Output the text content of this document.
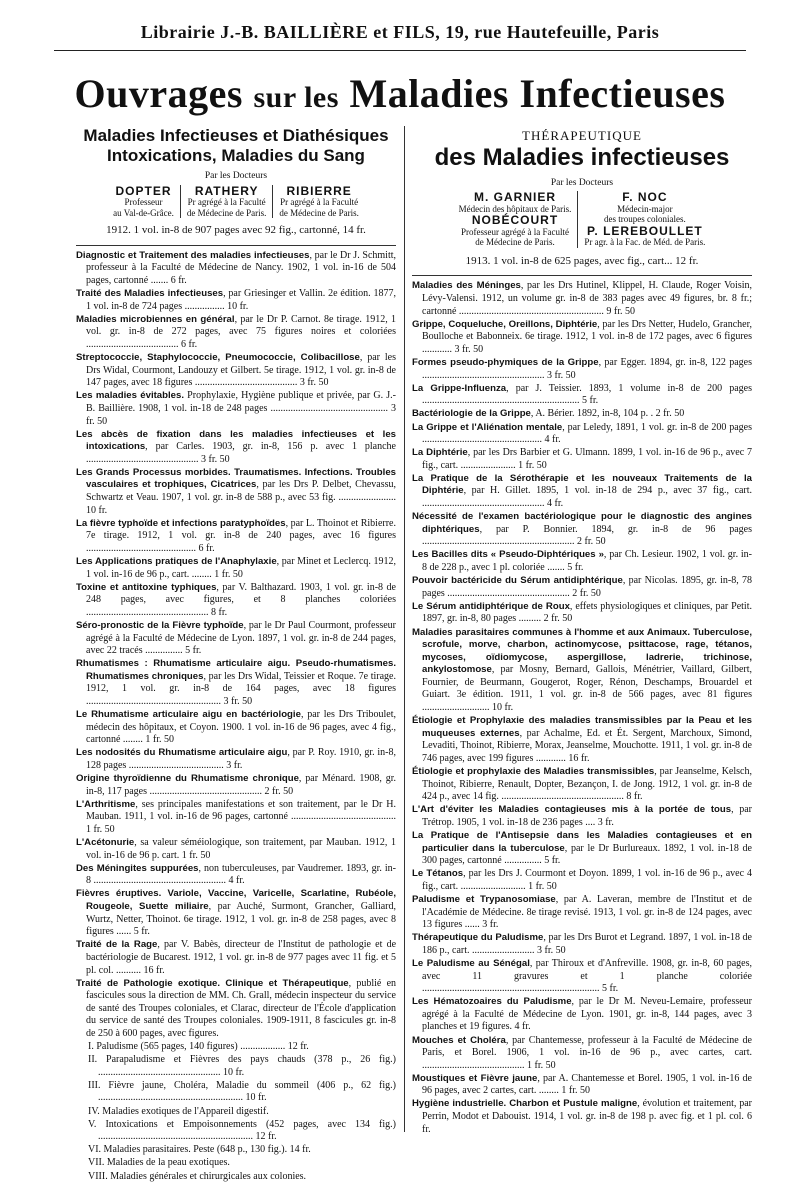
Librairie J.-B. BAILLIÈRE et FILS, 19, rue Hautefeuille, Paris
Ouvrages sur les Maladies Infectieuses
Maladies Infectieuses et Diathésiques
Intoxications, Maladies du Sang
Par les Docteurs
DOPTER
Professeur
au Val-de-Grâce.
RATHERY
Pr agrégé à la Faculté
de Médecine de Paris.
RIBIERRE
Pr agrégé à la Faculté
de Médecine de Paris.
1912. 1 vol. in-8 de 907 pages avec 92 fig., cartonné, 14 fr.
Diagnostic et Traitement des maladies infectieuses, par le Dr J. Schmitt, professeur à la Faculté de Médecine de Nancy. 1902, 1 vol. in-16 de 504 pages, cartonné ....... 6 fr.
Traité des Maladies infectieuses, par Griesinger et Vallin. 2e édition. 1877, 1 vol. in-8 de 724 pages ................ 10 fr.
Maladies microbiennes en général, par le Dr P. Carnot. 8e tirage. 1912, 1 vol. gr. in-8 de 272 pages, avec 75 figures noires et coloriées ..................................... 6 fr.
Streptococcie, Staphylococcie, Pneumococcie, Colibacillose, par les Drs Widal, Courmont, Landouzy et Gilbert. 5e tirage. 1912, 1 vol. gr. in-8 de 147 pages, avec 18 figures ......................................... 3 fr. 50
Les maladies évitables. Prophylaxie, Hygiène publique et privée, par G. J.-B. Baillière. 1908, 1 vol. in-18 de 248 pages ............................................... 3 fr. 50
Les abcès de fixation dans les maladies infectieuses et les intoxications, par Carles. 1903, gr. in-8, 156 p. avec 1 planche ............................................. 3 fr. 50
Les Grands Processus morbides. Traumatismes. Infections. Troubles vasculaires et trophiques, Cicatrices, par les Drs P. Delbet, Chevassu, Schwartz et Veau. 1907, 1 vol. gr. in-8 de 588 p., avec 53 fig. ....................... 10 fr.
La fièvre typhoïde et infections paratyphoïdes, par L. Thoinot et Ribierre. 7e tirage. 1912, 1 vol. gr. in-8 de 240 pages, avec 16 figures ............................................ 6 fr.
Les Applications pratiques de l'Anaphylaxie, par Minet et Leclercq. 1912, 1 vol. in-16 de 96 p., cart. ........ 1 fr. 50
Toxine et antitoxine typhiques, par V. Balthazard. 1903, 1 vol. gr. in-8 de 248 pages, avec figures, et 8 planches coloriées ................................................. 8 fr.
Séro-pronostic de la Fièvre typhoïde, par le Dr Paul Courmont, professeur agrégé à la Faculté de Médecine de Lyon. 1897, 1 vol. gr. in-8 de 244 pages, avec 22 tracés ............... 5 fr.
Rhumatismes : Rhumatisme articulaire aigu. Pseudo-rhumatismes. Rhumatismes chroniques, par les Drs Widal, Teissier et Roque. 7e tirage. 1912, 1 vol. gr. in-8 de 164 pages, avec 18 figures ...................................................... 3 fr. 50
Le Rhumatisme articulaire aigu en bactériologie, par les Drs Triboulet, médecin des hôpitaux, et Coyon. 1900. 1 vol. in-16 de 96 pages, avec 4 fig., cartonné ........ 1 fr. 50
Les nodosités du Rhumatisme articulaire aigu, par P. Roy. 1910, gr. in-8, 128 pages ...................................... 3 fr.
Origine thyroïdienne du Rhumatisme chronique, par Ménard. 1908, gr. in-8, 117 pages ............................................. 2 fr. 50
L'Arthritisme, ses principales manifestations et son traitement, par le Dr H. Mauban. 1911, 1 vol. in-16 de 96 pages, cartonné .......................................... 1 fr. 50
L'Acétonurie, sa valeur séméiologique, son traitement, par Mauban. 1912, 1 vol. in-16 de 96 p. cart. 1 fr. 50
Des Méningites suppurées, non tuberculeuses, par Vaudremer. 1893, gr. in-8 ..................................................... 4 fr.
Fièvres éruptives. Variole, Vaccine, Varicelle, Scarlatine, Rubéole, Rougeole, Suette miliaire, par Auché, Surmont, Grancher, Galliard, Wurtz, Netter, Thoinot. 6e tirage. 1912, 1 vol. gr. in-8 de 258 pages, avec 8 figures ...... 5 fr.
Traité de la Rage, par V. Babès, directeur de l'Institut de pathologie et de bactériologie de Bucarest. 1912, 1 vol. gr. in-8 de 977 pages avec 11 fig. et 5 pl. col. .......... 16 fr.
Traité de Pathologie exotique. Clinique et Thérapeutique, publié en fascicules sous la direction de MM. Ch. Grall, médecin inspecteur du service de santé des Troupes coloniales, et Clarac, directeur de l'École d'application du service de santé des Troupes coloniales. 1909-1911, 8 fascicules gr. in-8 de 250 à 600 pages, avec figures.
I. Paludisme (565 pages, 140 figures) .................. 12 fr.
II. Parapaludisme et Fièvres des pays chauds (378 p., 26 fig.) ................................................. 10 fr.
III. Fièvre jaune, Choléra, Maladie du sommeil (406 p., 62 fig.) .......................................................... 10 fr.
IV. Maladies exotiques de l'Appareil digestif.
V. Intoxications et Empoisonnements (452 pages, avec 134 fig.) .............................................................. 12 fr.
VI. Maladies parasitaires. Peste (648 p., 130 fig.). 14 fr.
VII. Maladies de la peau exotiques.
VIII. Maladies générales et chirurgicales aux colonies.
THÉRAPEUTIQUE
des Maladies infectieuses
Par les Docteurs
M. GARNIER
Médecin des hôpitaux de Paris.
NOBÉCOURT
Professeur agrégé à la Faculté
de Médecine de Paris.
F. NOC
Médecin-major
des troupes coloniales.
P. LEREBOULLET
Pr agr. à la Fac. de Méd. de Paris.
1913. 1 vol. in-8 de 625 pages, avec fig., cart... 12 fr.
Maladies des Méninges, par les Drs Hutinel, Klippel, H. Claude, Roger Voisin, Lévy-Valensi. 1912, un volume gr. in-8 de 383 pages avec 49 figures, br. 8 fr.; cartonné .......................................................... 9 fr. 50
Grippe, Coqueluche, Oreillons, Diphtérie, par les Drs Netter, Hudelo, Grancher, Boulloche et Babonneix. 6e tirage. 1912, 1 vol. in-8 de 172 pages, avec 6 figures ............ 3 fr. 50
Formes pseudo-phymiques de la Grippe, par Egger. 1894, gr. in-8, 122 pages ................................................. 3 fr. 50
La Grippe-Influenza, par J. Teissier. 1893, 1 volume in-8 de 200 pages ............................................................... 5 fr.
Bactériologie de la Grippe, A. Bérier. 1892, in-8, 104 p. . 2 fr. 50
La Grippe et l'Aliénation mentale, par Leledy, 1891, 1 vol. gr. in-8 de 200 pages ................................................ 4 fr.
La Diphtérie, par les Drs Barbier et G. Ulmann. 1899, 1 vol. in-16 de 96 p., avec 7 fig., cart. ...................... 1 fr. 50
La Pratique de la Sérothérapie et les nouveaux Traitements de la Diphtérie, par H. Gillet. 1895, 1 vol. in-18 de 294 p., avec 37 fig., cart. ................................................. 4 fr.
Nécessité de l'examen bactériologique pour le diagnostic des angines diphtériques, par P. Bonnier. 1894, gr. in-8 de 96 pages ............................................................. 2 fr. 50
Les Bacilles dits « Pseudo-Diphtériques », par Ch. Lesieur. 1902, 1 vol. gr. in-8 de 228 p., avec 1 pl. coloriée ....... 5 fr.
Pouvoir bactéricide du Sérum antidiphtérique, par Nicolas. 1895, gr. in-8, 78 pages ................................................. 2 fr. 50
Le Sérum antidiphtérique de Roux, effets physiologiques et cliniques, par Petit. 1897, gr. in-8, 80 pages ......... 2 fr. 50
Maladies parasitaires communes à l'homme et aux Animaux. Tuberculose, scrofule, morve, charbon, actinomycose, psittacose, rage, tétanos, mycoses, oïdiomycose, aspergillose, ladrerie, trichinose, ankylostomose, par Mosny, Bernard, Gallois, Ménétrier, Vaillard, Gilbert, Fournier, de Beurmann, Gougerot, Roger, Rénon, Deschamps, Brouardel et Guiart. 3e édition. 1911, 1 vol. gr. in-8 de 566 pages, avec 81 figures ........................... 10 fr.
Étiologie et Prophylaxie des maladies transmissibles par la Peau et les muqueuses externes, par Achalme, Ed. et Ét. Sergent, Marchoux, Simond, Levaditi, Thoinot, Ribierre, Morax, Jeanselme, Mouchotte. 1911, 1 vol. gr. in-8 de 746 pages, avec 199 figures ............ 16 fr.
Étiologie et prophylaxie des Maladies transmissibles, par Jeanselme, Kelsch, Thoinot, Ribierre, Renault, Dopter, Bezançon, I. de Jong. 1912, 1 vol. gr. in-8 de 424 p., avec 14 fig. ................................................. 8 fr.
L'Art d'éviter les Maladies contagieuses mis à la portée de tous, par Trétrop. 1905, 1 vol. in-18 de 236 pages .... 3 fr.
La Pratique de l'Antisepsie dans les Maladies contagieuses et en particulier dans la tuberculose, par le Dr Burlureaux. 1892, 1 vol. in-18 de 300 pages, cartonné ............... 5 fr.
Le Tétanos, par les Drs J. Courmont et Doyon. 1899, 1 vol. in-16 de 96 p., avec 4 fig., cart. .......................... 1 fr. 50
Paludisme et Trypanosomiase, par A. Laveran, membre de l'Institut et de l'Académie de Médecine. 8e tirage revisé. 1913, 1 vol. gr. in-8 de 124 pages, avec 13 figures ...... 3 fr.
Thérapeutique du Paludisme, par les Drs Burot et Legrand. 1897, 1 vol. in-18 de 186 p., cart. ......................... 3 fr. 50
Le Paludisme au Sénégal, par Thiroux et d'Anfreville. 1908, gr. in-8, 60 pages, avec 11 gravures et 1 planche coloriée ....................................................................... 5 fr.
Les Hématozoaires du Paludisme, par le Dr M. Neveu-Lemaire, professeur agrégé à la Faculté de Médecine de Lyon. 1901, gr. in-8, 144 pages, avec 3 planches et 19 figures. 4 fr.
Mouches et Choléra, par Chantemesse, professeur à la Faculté de Médecine de Paris, et Borel. 1906, 1 vol. in-16 de 96 p., avec cartes, cart. ......................................... 1 fr. 50
Moustiques et Fièvre jaune, par A. Chantemesse et Borel. 1905, 1 vol. in-16 de 96 pages, avec 2 cartes, cart. ........ 1 fr. 50
Hygiène industrielle. Charbon et Pustule maligne, évolution et traitement, par Perrin, Modot et Dabouist. 1914, 1 vol. gr. in-8 de 198 p. avec fig. et 1 pl. col. 6 fr.
